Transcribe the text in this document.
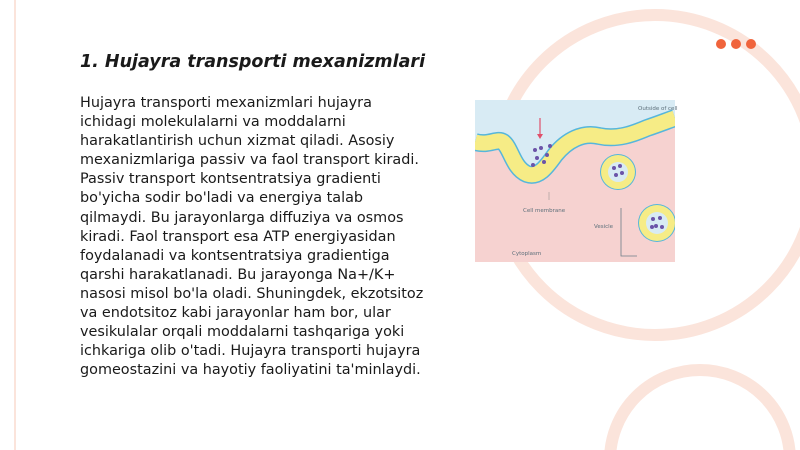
1. Hujayra transporti mexanizmlari

Hujayra transporti mexanizmlari hujayra ichidagi molekulalarni va moddalarni harakatlantirish uchun xizmat qiladi. Asosiy mexanizmlariga passiv va faol transport kiradi. Passiv transport kontsentratsiya gradienti bo'yicha sodir bo'ladi va energiya talab qilmaydi. Bu jarayonlarga diffuziya va osmos kiradi. Faol transport esa ATP energiyasidan foydalanadi va kontsentratsiya gradientiga qarshi harakatlanadi. Bu jarayonga Na+/K+ nasosi misol bo'la oladi. Shuningdek, ekzotsitoz va endotsitoz kabi jarayonlar ham bor, ular vesikulalar orqali moddalarni tashqariga yoki ichkariga olib o'tadi. Hujayra transporti hujayra gomeostazini va hayotiy faoliyatini ta'minlaydi.

Outside of cell
Cell membrane
Vesicle
Cytoplasm
